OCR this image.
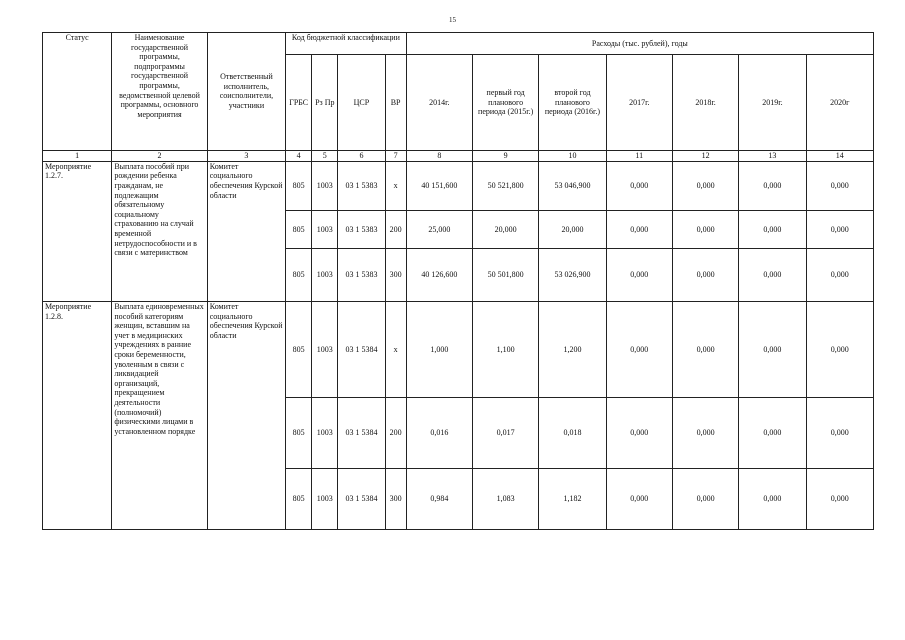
15
Статус	Наименование государственной программы, подпрограммы государственной программы, ведомственной целевой программы, основного мероприятия	Ответственный исполнитель, соисполнители, участники	Код бюджетной классификации				Расходы (тыс. рублей), годы						
			ГРБС	Рз Пр	ЦСР	ВР	2014г.	первый год планового периода (2015г.)	второй год планового периода (2016г.)	2017г.	2018г.	2019г.	2020г
1	2	3	4	5	6	7	8	9	10	11	12	13	14
Мероприятие 1.2.7.	Выплата пособий при рождении ребенка гражданам, не подлежащим обязательному социальному страхованию на случай временной нетрудоспособности и в связи с материнством	Комитет социального обеспечения Курской области	805	1003	03 1 5383	х	40 151,600	50 521,800	53 046,900	0,000	0,000	0,000	0,000
			805	1003	03 1 5383	200	25,000	20,000	20,000	0,000	0,000	0,000	0,000
			805	1003	03 1 5383	300	40 126,600	50 501,800	53 026,900	0,000	0,000	0,000	0,000
Мероприятие 1.2.8.	Выплата единовременных пособий категориям женщин, вставшим на учет в медицинских учреждениях в ранние сроки беременности, уволенным в связи с ликвидацией организаций, прекращением деятельности (полномочий) физическими лицами в установленном порядке	Комитет социального обеспечения Курской области	805	1003	03 1 5384	х	1,000	1,100	1,200	0,000	0,000	0,000	0,000
			805	1003	03 1 5384	200	0,016	0,017	0,018	0,000	0,000	0,000	0,000
			805	1003	03 1 5384	300	0,984	1,083	1,182	0,000	0,000	0,000	0,000
